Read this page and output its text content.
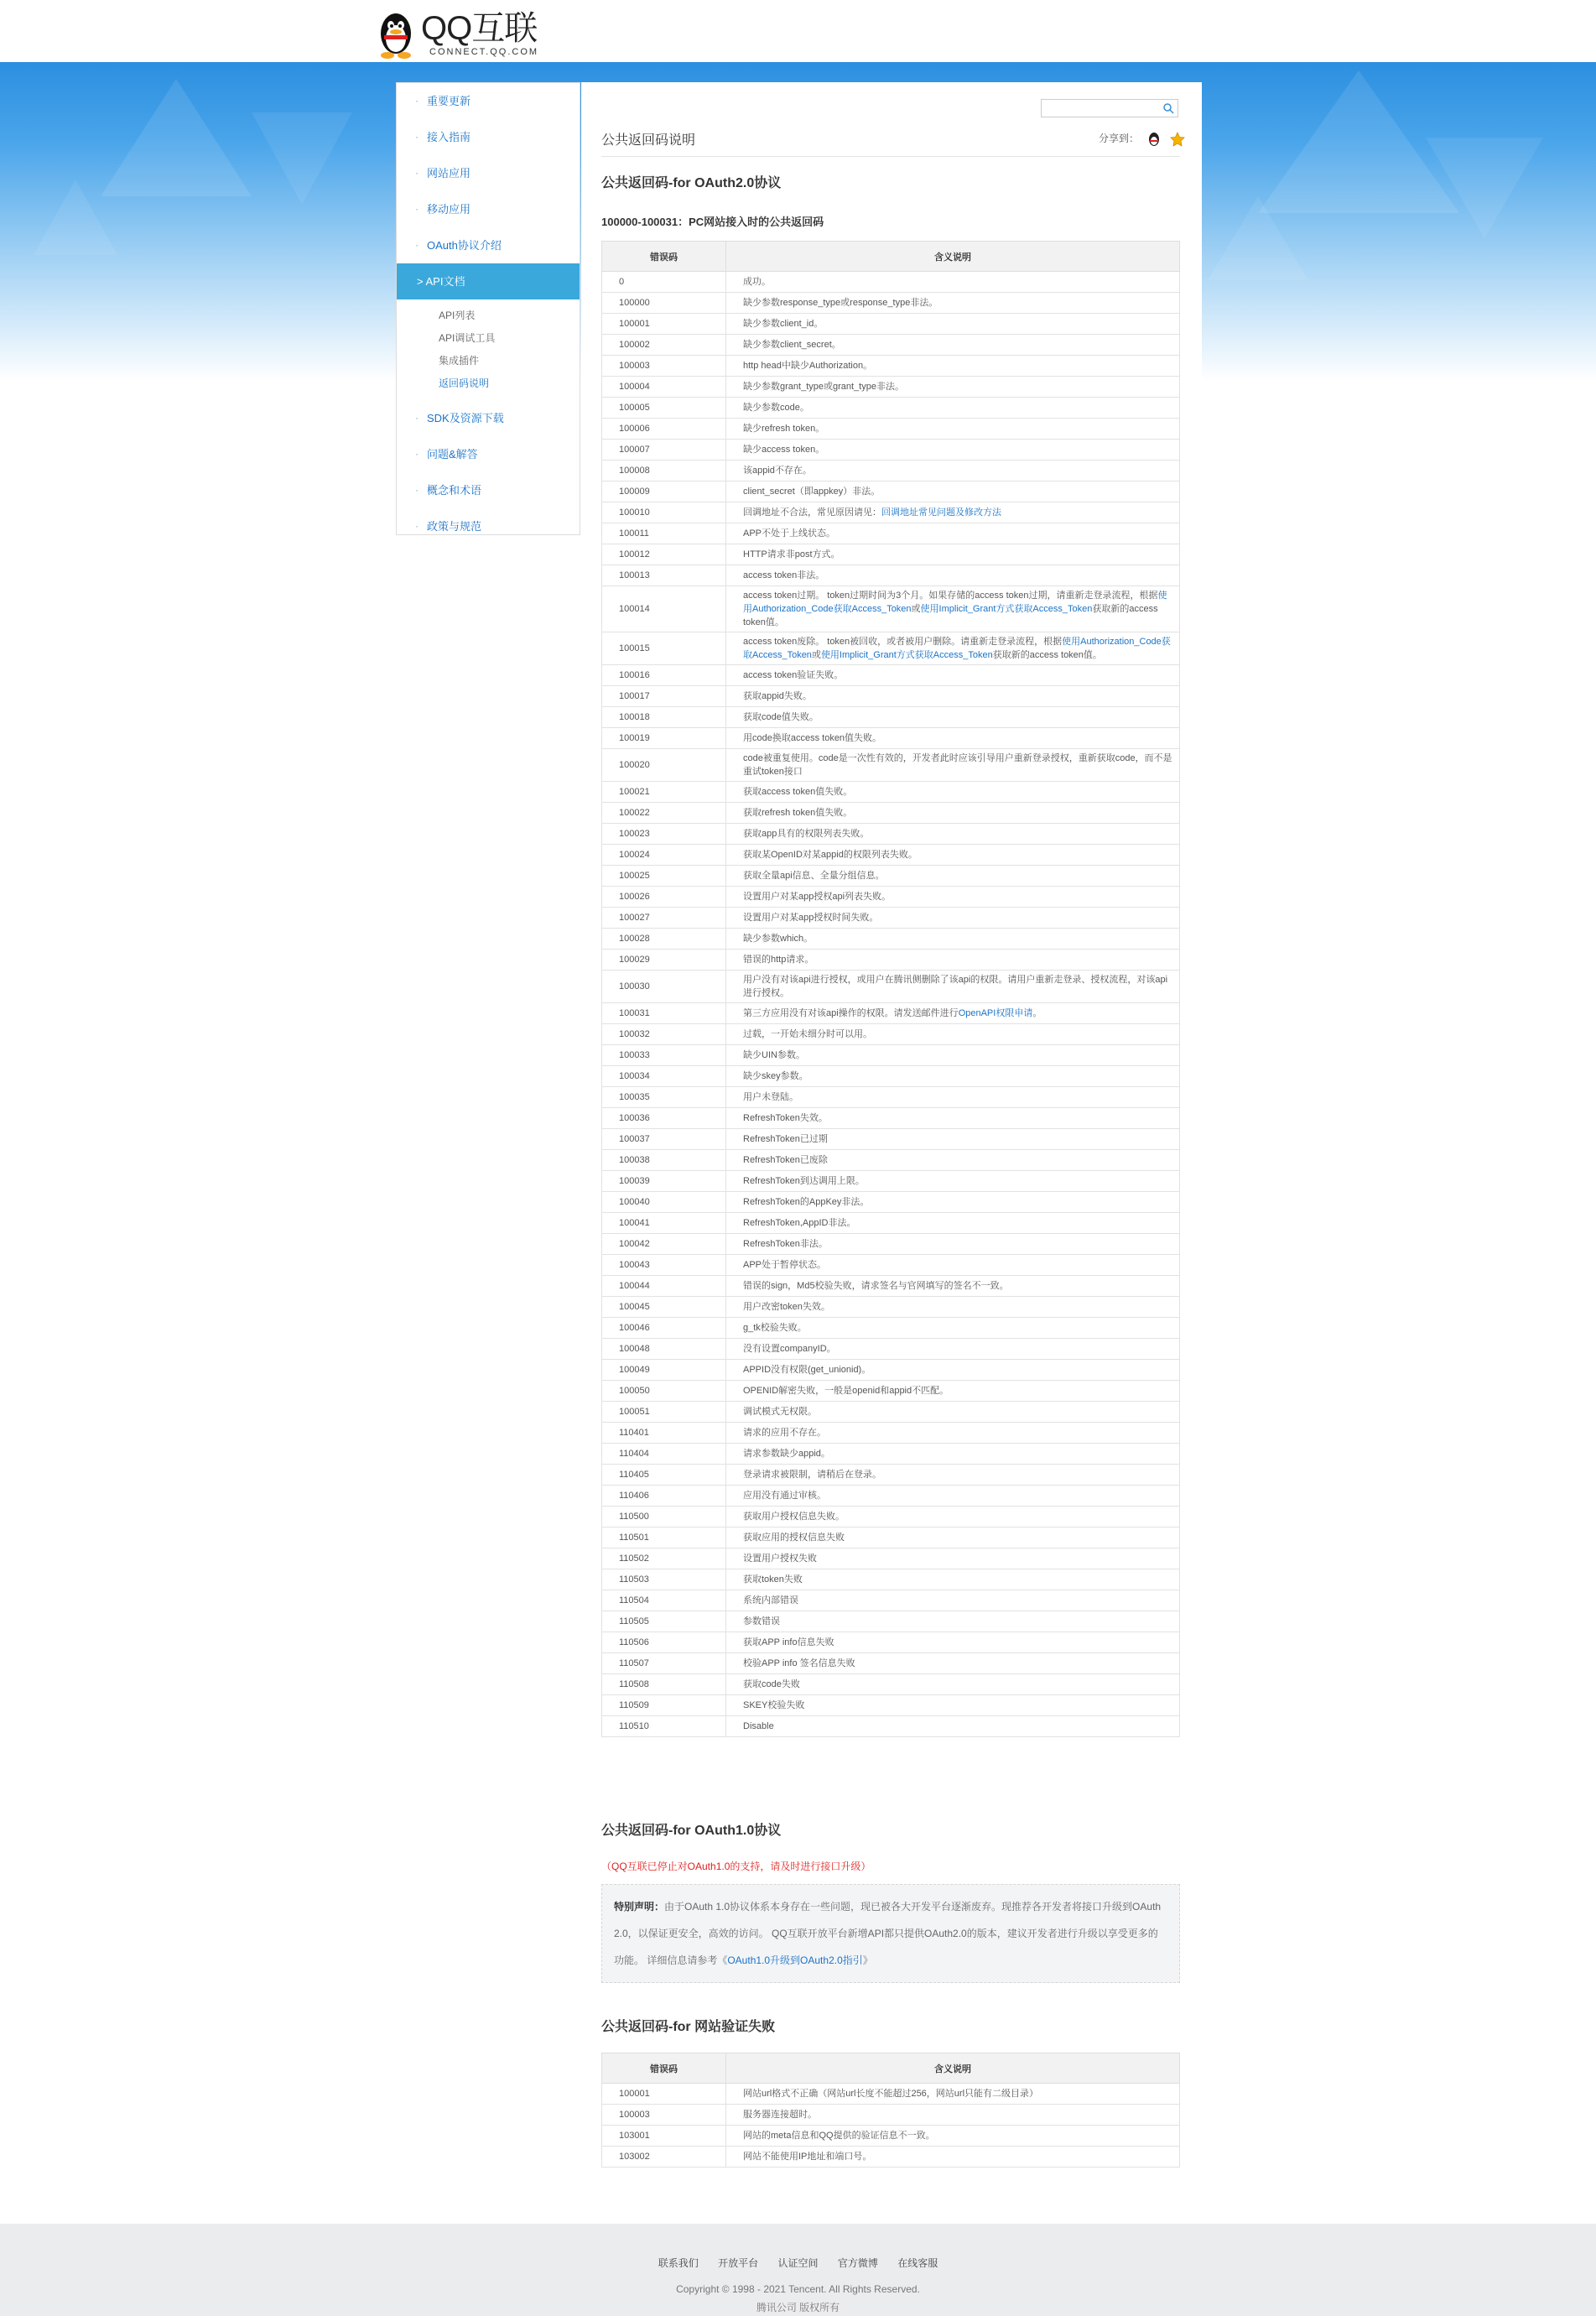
QQ互联
CONNECT.QQ.COM
· 重要更新
· 接入指南
· 网站应用
· 移动应用
· OAuth协议介绍
> API文档
API列表
API调试工具
集成插件
返回码说明
· SDK及资源下载
· 问题&解答
· 概念和术语
· 政策与规范
公共返回码说明	分享到：
公共返回码-for OAuth2.0协议
100000-100031：PC网站接入时的公共返回码
错误码	含义说明
0	成功。
100000	缺少参数response_type或response_type非法。
100001	缺少参数client_id。
100002	缺少参数client_secret。
100003	http head中缺少Authorization。
100004	缺少参数grant_type或grant_type非法。
100005	缺少参数code。
100006	缺少refresh token。
100007	缺少access token。
100008	该appid不存在。
100009	client_secret（即appkey）非法。
100010	回调地址不合法，常见原因请见：回调地址常见问题及修改方法
100011	APP不处于上线状态。
100012	HTTP请求非post方式。
100013	access token非法。
100014	access token过期。 token过期时间为3个月。如果存储的access token过期，请重新走登录流程，根据使用Authorization_Code获取Access_Token或使用Implicit_Grant方式获取Access_Token获取新的access token值。
100015	access token废除。 token被回收，或者被用户删除。请重新走登录流程，根据使用Authorization_Code获取Access_Token或使用Implicit_Grant方式获取Access_Token获取新的access token值。
100016	access token验证失败。
100017	获取appid失败。
100018	获取code值失败。
100019	用code换取access token值失败。
100020	code被重复使用。code是一次性有效的，开发者此时应该引导用户重新登录授权，重新获取code，而不是重试token接口
100021	获取access token值失败。
100022	获取refresh token值失败。
100023	获取app具有的权限列表失败。
100024	获取某OpenID对某appid的权限列表失败。
100025	获取全量api信息、全量分组信息。
100026	设置用户对某app授权api列表失败。
100027	设置用户对某app授权时间失败。
100028	缺少参数which。
100029	错误的http请求。
100030	用户没有对该api进行授权，或用户在腾讯侧删除了该api的权限。请用户重新走登录、授权流程，对该api进行授权。
100031	第三方应用没有对该api操作的权限。请发送邮件进行OpenAPI权限申请。
100032	过载，一开始未细分时可以用。
100033	缺少UIN参数。
100034	缺少skey参数。
100035	用户未登陆。
100036	RefreshToken失效。
100037	RefreshToken已过期
100038	RefreshToken已废除
100039	RefreshToken到达调用上限。
100040	RefreshToken的AppKey非法。
100041	RefreshToken,AppID非法。
100042	RefreshToken非法。
100043	APP处于暂停状态。
100044	错误的sign，Md5校验失败，请求签名与官网填写的签名不一致。
100045	用户改密token失效。
100046	g_tk校验失败。
100048	没有设置companyID。
100049	APPID没有权限(get_unionid)。
100050	OPENID解密失败，一般是openid和appid不匹配。
100051	调试模式无权限。
110401	请求的应用不存在。
110404	请求参数缺少appid。
110405	登录请求被限制，请稍后在登录。
110406	应用没有通过审核。
110500	获取用户授权信息失败。
110501	获取应用的授权信息失败
110502	设置用户授权失败
110503	获取token失败
110504	系统内部错误
110505	参数错误
110506	获取APP info信息失败
110507	校验APP info 签名信息失败
110508	获取code失败
110509	SKEY校验失败
110510	Disable
公共返回码-for OAuth1.0协议
（QQ互联已停止对OAuth1.0的支持，请及时进行接口升级）
特别声明：由于OAuth 1.0协议体系本身存在一些问题，现已被各大开发平台逐渐废弃。现推荐各开发者将接口升级到OAuth 2.0，以保证更安全，高效的访问。 QQ互联开放平台新增API都只提供OAuth2.0的版本，建议开发者进行升级以享受更多的功能。 详细信息请参考《OAuth1.0升级到OAuth2.0指引》
公共返回码-for 网站验证失败
错误码	含义说明
100001	网站url格式不正确（网站url长度不能超过256，网站url只能有二级目录）
100003	服务器连接超时。
103001	网站的meta信息和QQ提供的验证信息不一致。
103002	网站不能使用IP地址和端口号。
联系我们 开放平台 认证空间 官方微博 在线客服
Copyright © 1998 - 2021 Tencent. All Rights Reserved.
腾讯公司 版权所有
